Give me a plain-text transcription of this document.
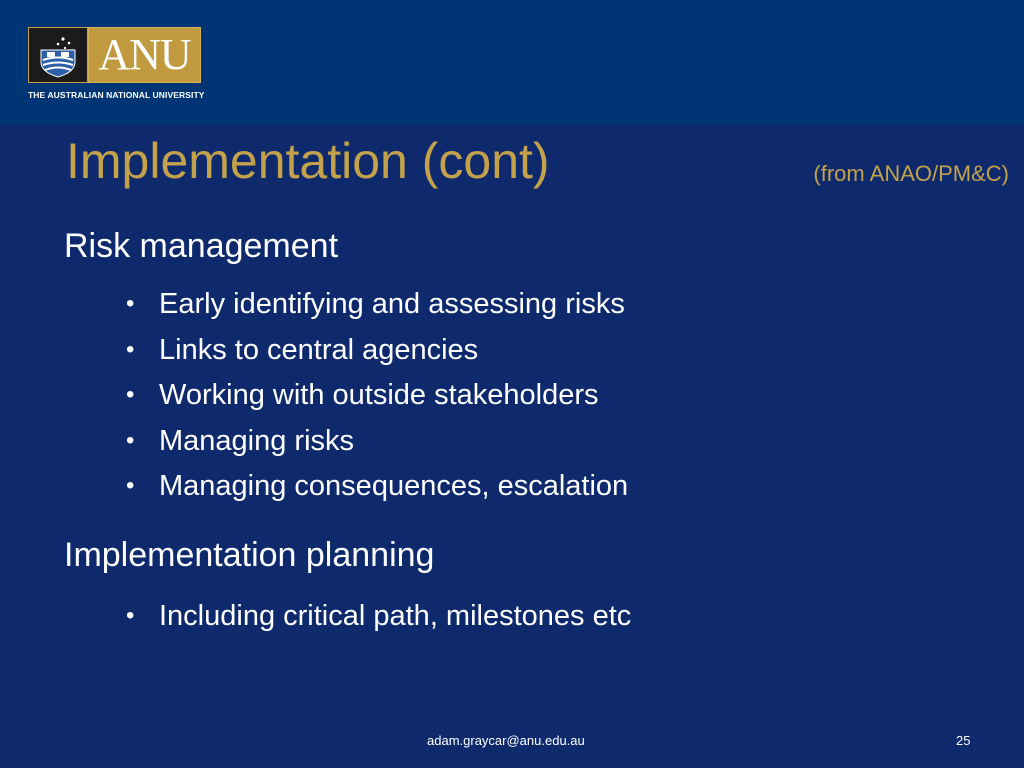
ANU
THE AUSTRALIAN NATIONAL UNIVERSITY
Implementation (cont)	(from ANAO/PM&C)
Risk management
• Early identifying and assessing risks
• Links to central agencies
• Working with outside stakeholders
• Managing risks
• Managing consequences, escalation
Implementation planning
• Including critical path, milestones etc
adam.graycar@anu.edu.au	25
